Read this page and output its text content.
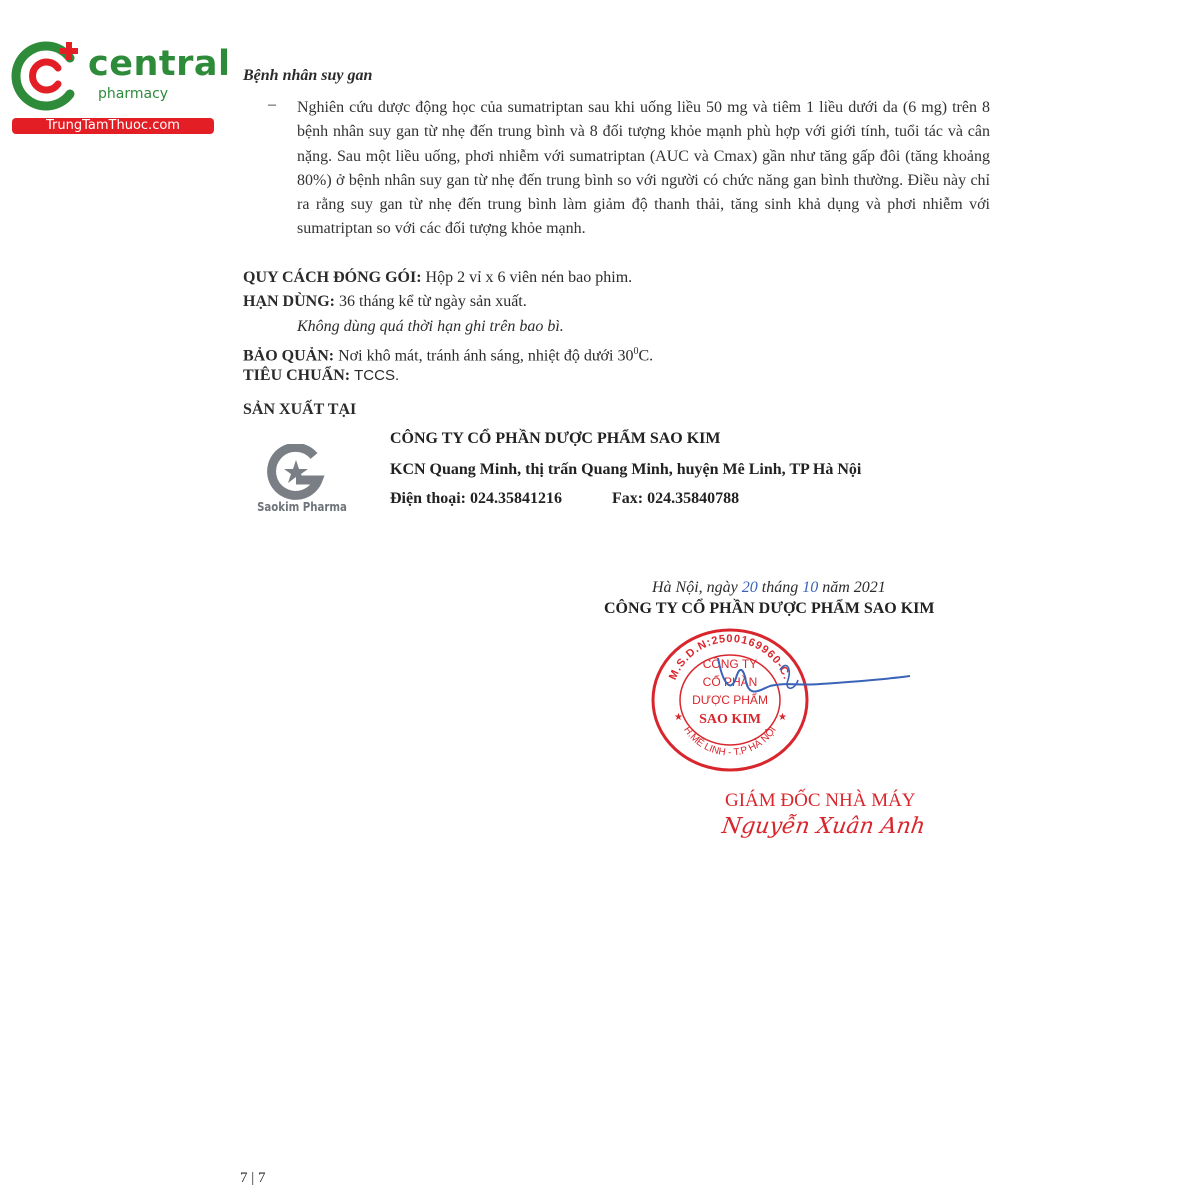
central
pharmacy
TrungTamThuoc.com
Bệnh nhân suy gan
– Nghiên cứu dược động học của sumatriptan sau khi uống liều 50 mg và tiêm 1 liều dưới da (6 mg) trên 8 bệnh nhân suy gan từ nhẹ đến trung bình và 8 đối tượng khỏe mạnh phù hợp với giới tính, tuổi tác và cân nặng. Sau một liều uống, phơi nhiễm với sumatriptan (AUC và Cmax) gần như tăng gấp đôi (tăng khoảng 80%) ở bệnh nhân suy gan từ nhẹ đến trung bình so với người có chức năng gan bình thường. Điều này chỉ ra rằng suy gan từ nhẹ đến trung bình làm giảm độ thanh thải, tăng sinh khả dụng và phơi nhiễm với sumatriptan so với các đối tượng khỏe mạnh.
QUY CÁCH ĐÓNG GÓI: Hộp 2 vỉ x 6 viên nén bao phim.
HẠN DÙNG: 36 tháng kể từ ngày sản xuất.
Không dùng quá thời hạn ghi trên bao bì.
BẢO QUẢN: Nơi khô mát, tránh ánh sáng, nhiệt độ dưới $30^0C$.
TIÊU CHUẨN: TCCS.
SẢN XUẤT TẠI
Saokim Pharma
CÔNG TY CỔ PHẦN DƯỢC PHẨM SAO KIM
KCN Quang Minh, thị trấn Quang Minh, huyện Mê Linh, TP Hà Nội
Điện thoại: 024.35841216	Fax: 024.35840788
Hà Nội, ngày 20 tháng 10 năm 2021
CÔNG TY CỔ PHẦN DƯỢC PHẨM SAO KIM
M.S.D.N:2500169960-C.
H.MÊ LINH - T.P HÀ NỘI
CÔNG TY
CỔ PHẦN
DƯỢC PHẨM
SAO KIM
★	★
GIÁM ĐỐC NHÀ MÁY
Nguyễn Xuân Anh
7 | 7
